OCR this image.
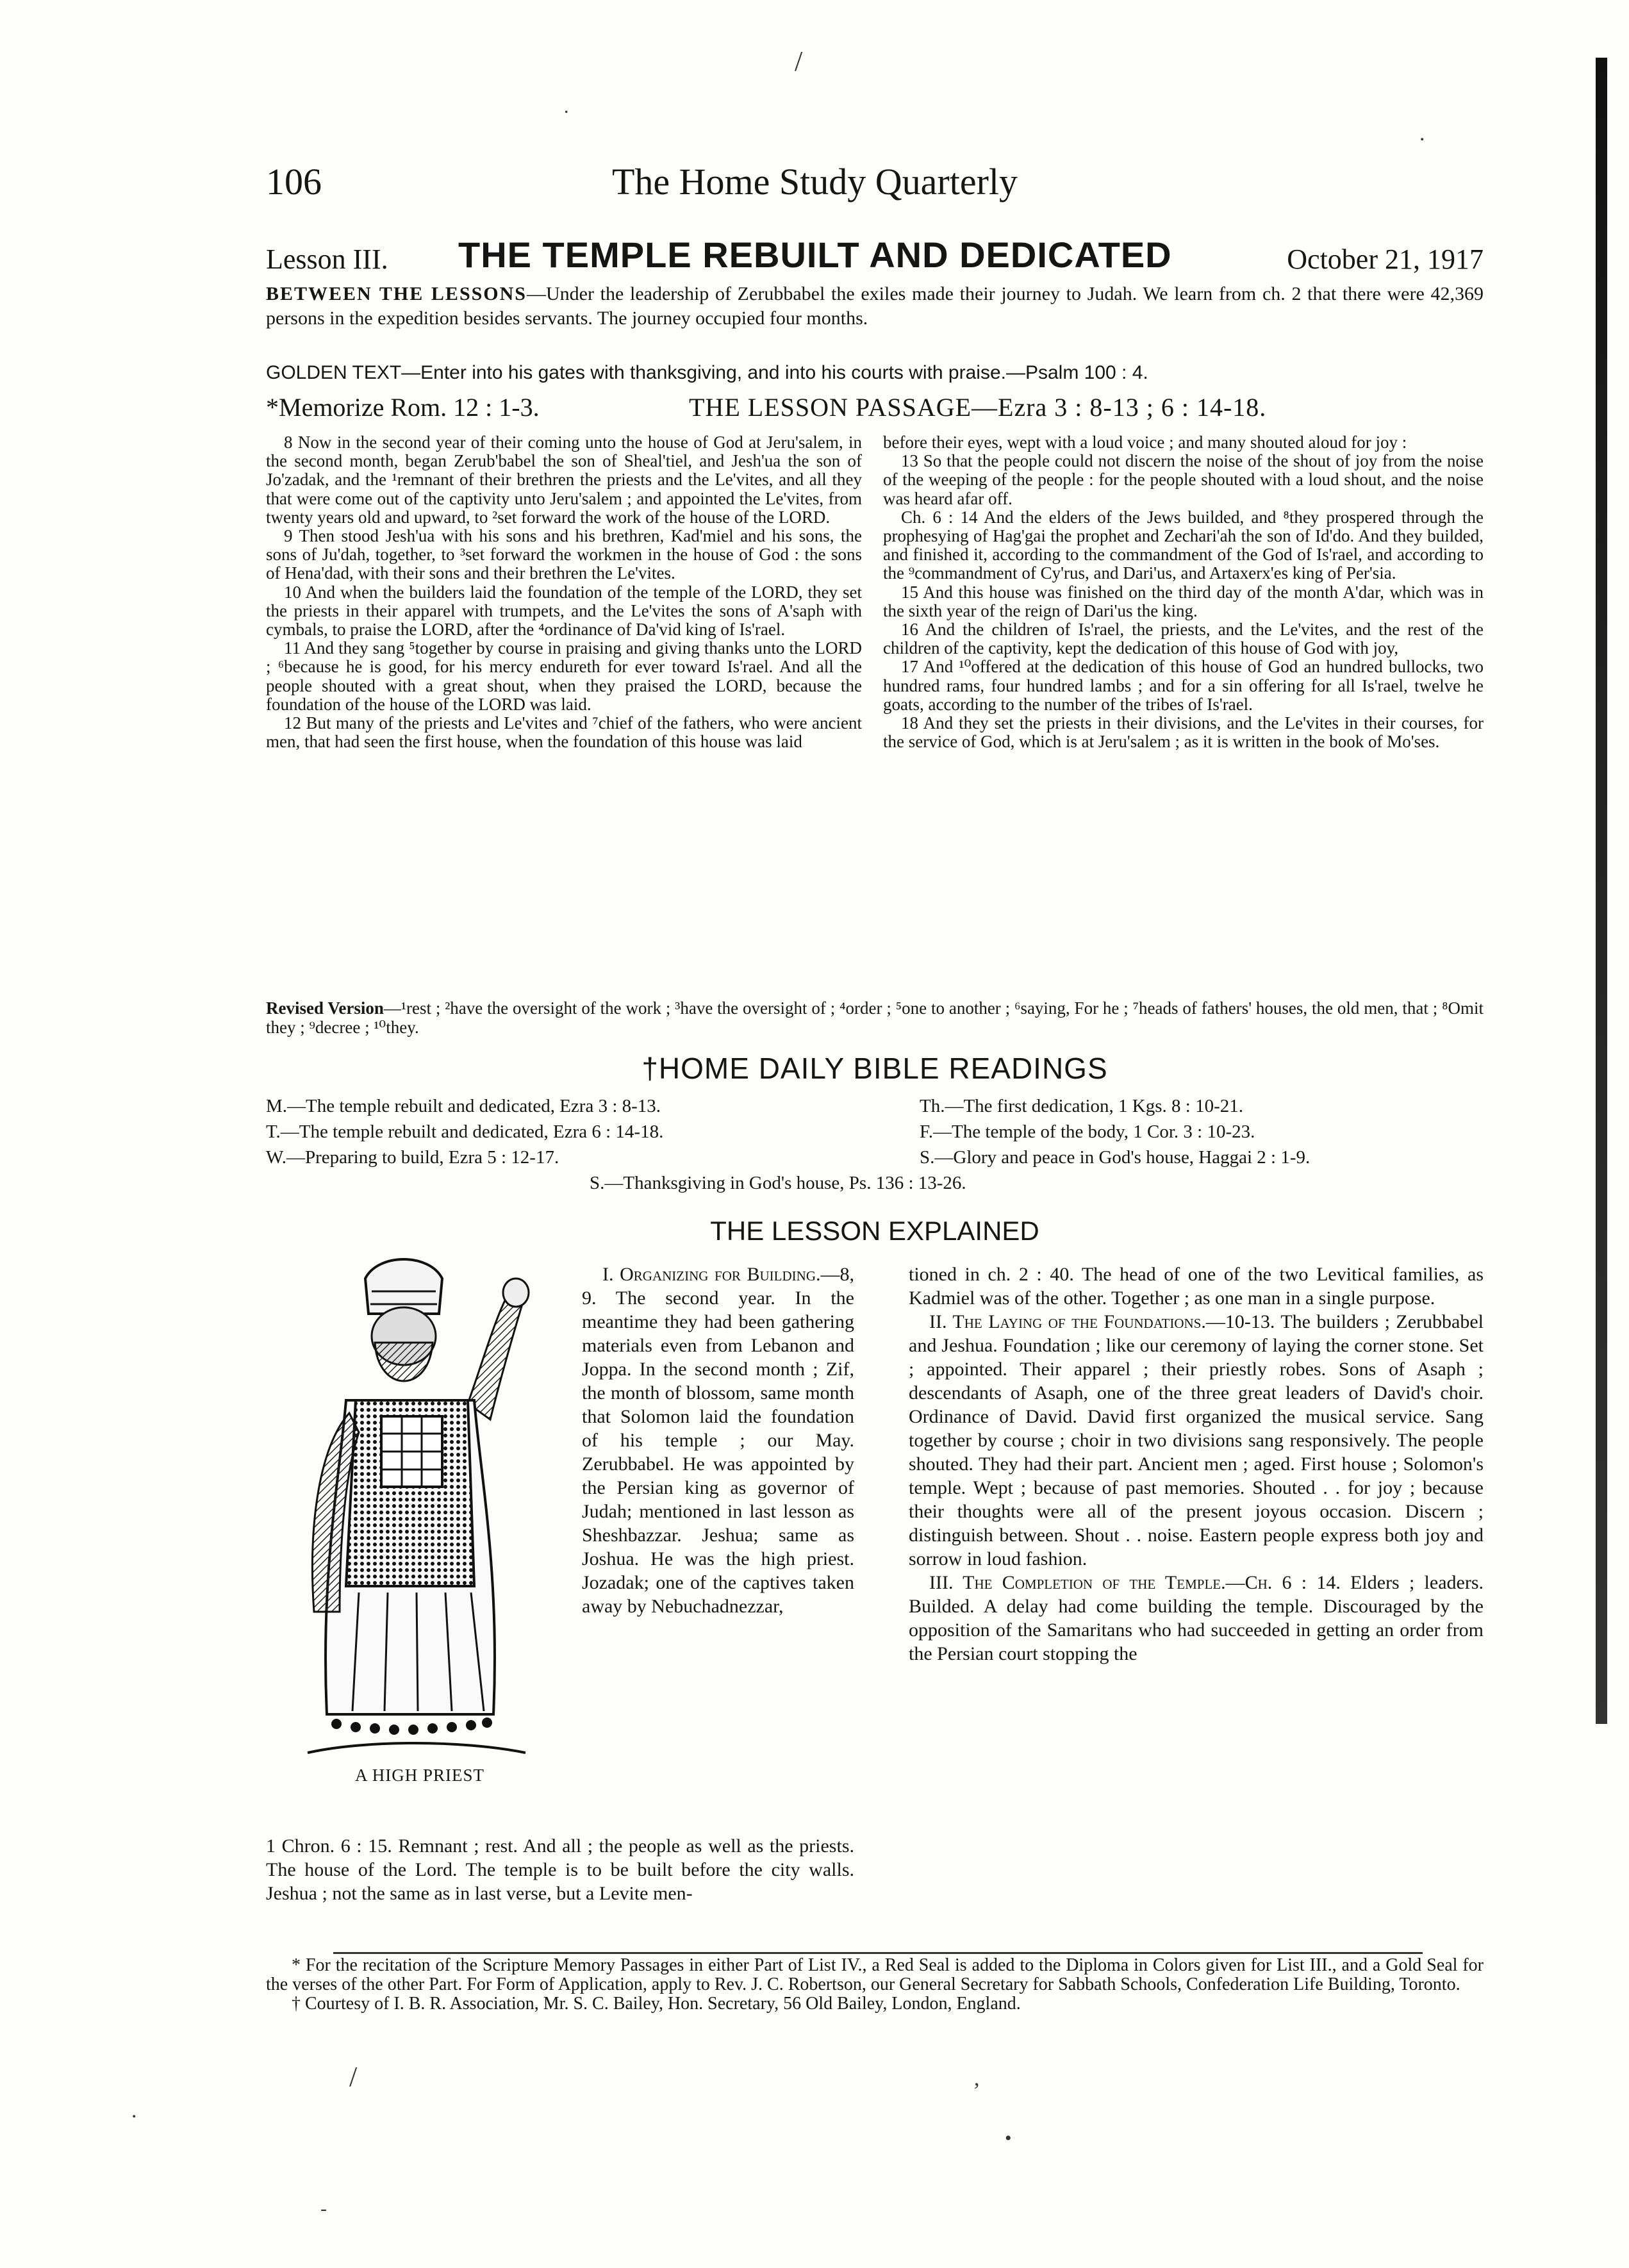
/
.
.
/	,
.
•
-
106	The Home Study Quarterly
Lesson III. THE TEMPLE REBUILT AND DEDICATED	October 21, 1917
BETWEEN THE LESSONS—Under the leadership of Zerubbabel the exiles made their journey to Judah. We learn from ch. 2 that there were 42,369 persons in the expedition besides servants. The journey occupied four months.
GOLDEN TEXT—Enter into his gates with thanksgiving, and into his courts with praise.—Psalm 100 : 4.
*Memorize Rom. 12 : 1-3.	THE LESSON PASSAGE—Ezra 3 : 8-13 ; 6 : 14-18.

8 Now in the second year of their coming unto the house of God at Jeru'salem, in the second month, began Zerub'babel the son of Sheal'tiel, and Jesh'ua the son of Jo'zadak, and the ¹remnant of their brethren the priests and the Le'vites, and all they that were come out of the captivity unto Jeru'salem ; and appointed the Le'vites, from twenty years old and upward, to ²set forward the work of the house of the LORD.

9 Then stood Jesh'ua with his sons and his brethren, Kad'miel and his sons, the sons of Ju'dah, together, to ³set forward the workmen in the house of God : the sons of Hena'dad, with their sons and their brethren the Le'vites.

10 And when the builders laid the foundation of the temple of the LORD, they set the priests in their apparel with trumpets, and the Le'vites the sons of A'saph with cymbals, to praise the LORD, after the ⁴ordinance of Da'vid king of Is'rael.

11 And they sang ⁵together by course in praising and giving thanks unto the LORD ; ⁶because he is good, for his mercy endureth for ever toward Is'rael. And all the people shouted with a great shout, when they praised the LORD, because the foundation of the house of the LORD was laid.

12 But many of the priests and Le'vites and ⁷chief of the fathers, who were ancient men, that had seen the first house, when the foundation of this house was laid

before their eyes, wept with a loud voice ; and many shouted aloud for joy :

13 So that the people could not discern the noise of the shout of joy from the noise of the weeping of the people : for the people shouted with a loud shout, and the noise was heard afar off.

Ch. 6 : 14 And the elders of the Jews builded, and ⁸they prospered through the prophesying of Hag'gai the prophet and Zechari'ah the son of Id'do. And they builded, and finished it, according to the commandment of the God of Is'rael, and according to the ⁹commandment of Cy'rus, and Dari'us, and Artaxerx'es king of Per'sia.

15 And this house was finished on the third day of the month A'dar, which was in the sixth year of the reign of Dari'us the king.

16 And the children of Is'rael, the priests, and the Le'vites, and the rest of the children of the captivity, kept the dedication of this house of God with joy,

17 And ¹⁰offered at the dedication of this house of God an hundred bullocks, two hundred rams, four hundred lambs ; and for a sin offering for all Is'rael, twelve he goats, according to the number of the tribes of Is'rael.

18 And they set the priests in their divisions, and the Le'vites in their courses, for the service of God, which is at Jeru'salem ; as it is written in the book of Mo'ses.

Revised Version—¹rest ; ²have the oversight of the work ; ³have the oversight of ; ⁴order ; ⁵one to another ; ⁶saying, For he ; ⁷heads of fathers' houses, the old men, that ; ⁸Omit they ; ⁹decree ; ¹⁰they.
†HOME DAILY BIBLE READINGS
M.—The temple rebuilt and dedicated, Ezra 3 : 8-13.	Th.—The first dedication, 1 Kgs. 8 : 10-21.
T.—The temple rebuilt and dedicated, Ezra 6 : 14-18.	F.—The temple of the body, 1 Cor. 3 : 10-23.
W.—Preparing to build, Ezra 5 : 12-17.	S.—Glory and peace in God's house, Haggai 2 : 1-9.
S.—Thanksgiving in God's house, Ps. 136 : 13-26.
THE LESSON EXPLAINED
A HIGH PRIEST

I. Organizing for Building.—8, 9. The second year. In the meantime they had been gathering materials even from Lebanon and Joppa. In the second month ; Zif, the month of blossom, same month that Solomon laid the foundation of his temple ; our May. Zerubbabel. He was appointed by the Persian king as governor of Judah; mentioned in last lesson as Sheshbazzar. Jeshua; same as Joshua. He was the high priest. Jozadak; one of the captives taken away by Nebuchadnezzar,

1 Chron. 6 : 15. Remnant ; rest. And all ; the people as well as the priests. The house of the Lord. The temple is to be built before the city walls. Jeshua ; not the same as in last verse, but a Levite men-

tioned in ch. 2 : 40. The head of one of the two Levitical families, as Kadmiel was of the other. Together ; as one man in a single purpose.

II. The Laying of the Foundations.—10-13. The builders ; Zerubbabel and Jeshua. Foundation ; like our ceremony of laying the corner stone. Set ; appointed. Their apparel ; their priestly robes. Sons of Asaph ; descendants of Asaph, one of the three great leaders of David's choir. Ordinance of David. David first organized the musical service. Sang together by course ; choir in two divisions sang responsively. The people shouted. They had their part. Ancient men ; aged. First house ; Solomon's temple. Wept ; because of past memories. Shouted . . for joy ; because their thoughts were all of the present joyous occasion. Discern ; distinguish between. Shout . . noise. Eastern people express both joy and sorrow in loud fashion.

III. The Completion of the Temple.—Ch. 6 : 14. Elders ; leaders. Builded. A delay had come building the temple. Discouraged by the opposition of the Samaritans who had succeeded in getting an order from the Persian court stopping the

* For the recitation of the Scripture Memory Passages in either Part of List IV., a Red Seal is added to the Diploma in Colors given for List III., and a Gold Seal for the verses of the other Part. For Form of Application, apply to Rev. J. C. Robertson, our General Secretary for Sabbath Schools, Confederation Life Building, Toronto.

† Courtesy of I. B. R. Association, Mr. S. C. Bailey, Hon. Secretary, 56 Old Bailey, London, England.
